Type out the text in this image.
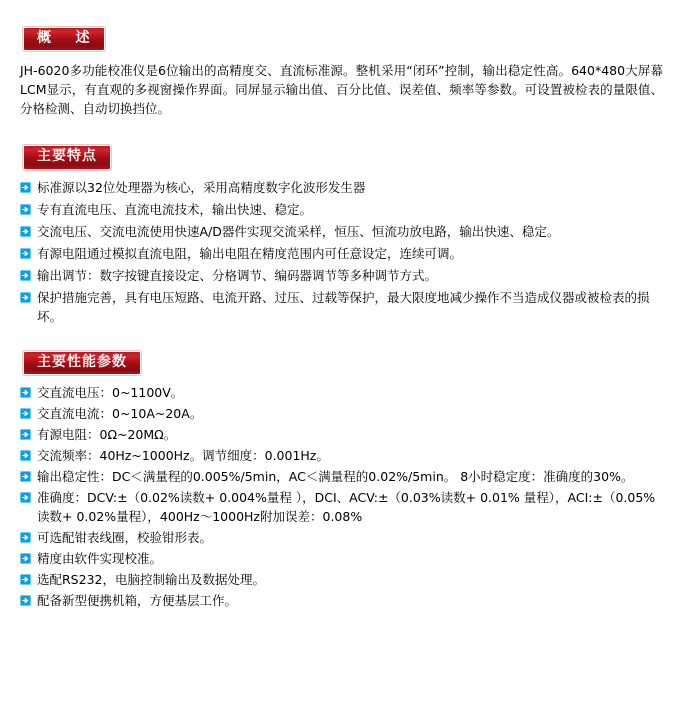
概    述

JH-6020多功能校准仪是6位输出的高精度交、直流标准源。整机采用“闭环”控制，输出稳定性高。640*480大屏幕LCM显示，有直观的多视窗操作界面。同屏显示输出值、百分比值、误差值、频率等参数。可设置被检表的量限值、分格检测、自动切换挡位。

主要特点
标准源以32位处理器为核心，采用高精度数字化波形发生器
专有直流电压、直流电流技术，输出快速、稳定。
交流电压、交流电流使用快速A/D器件实现交流采样，恒压、恒流功放电路，输出快速、稳定。
有源电阻通过模拟直流电阻，输出电阻在精度范围内可任意设定，连续可调。
输出调节：数字按键直接设定、分格调节、编码器调节等多种调节方式。
保护措施完善，具有电压短路、电流开路、过压、过载等保护，最大限度地减少操作不当造成仪器或被检表的损坏。
主要性能参数
交直流电压：0~1100V。
交直流电流：0~10A~20A。
有源电阻：0Ω~20MΩ。
交流频率：40Hz~1000Hz。调节细度：0.001Hz。
输出稳定性：DC＜满量程的0.005%/5min，AC＜满量程的0.02%/5min。 8小时稳定度：准确度的30%。
准确度：DCV:±（0.02%读数+ 0.004%量程 ），DCI、ACV:±（0.03%读数+ 0.01% 量程），ACI:±（0.05%读数+ 0.02%量程），400Hz～1000Hz附加误差：0.08%
可选配钳表线圈，校验钳形表。
精度由软件实现校准。
选配RS232，电脑控制输出及数据处理。
配备新型便携机箱，方便基层工作。
